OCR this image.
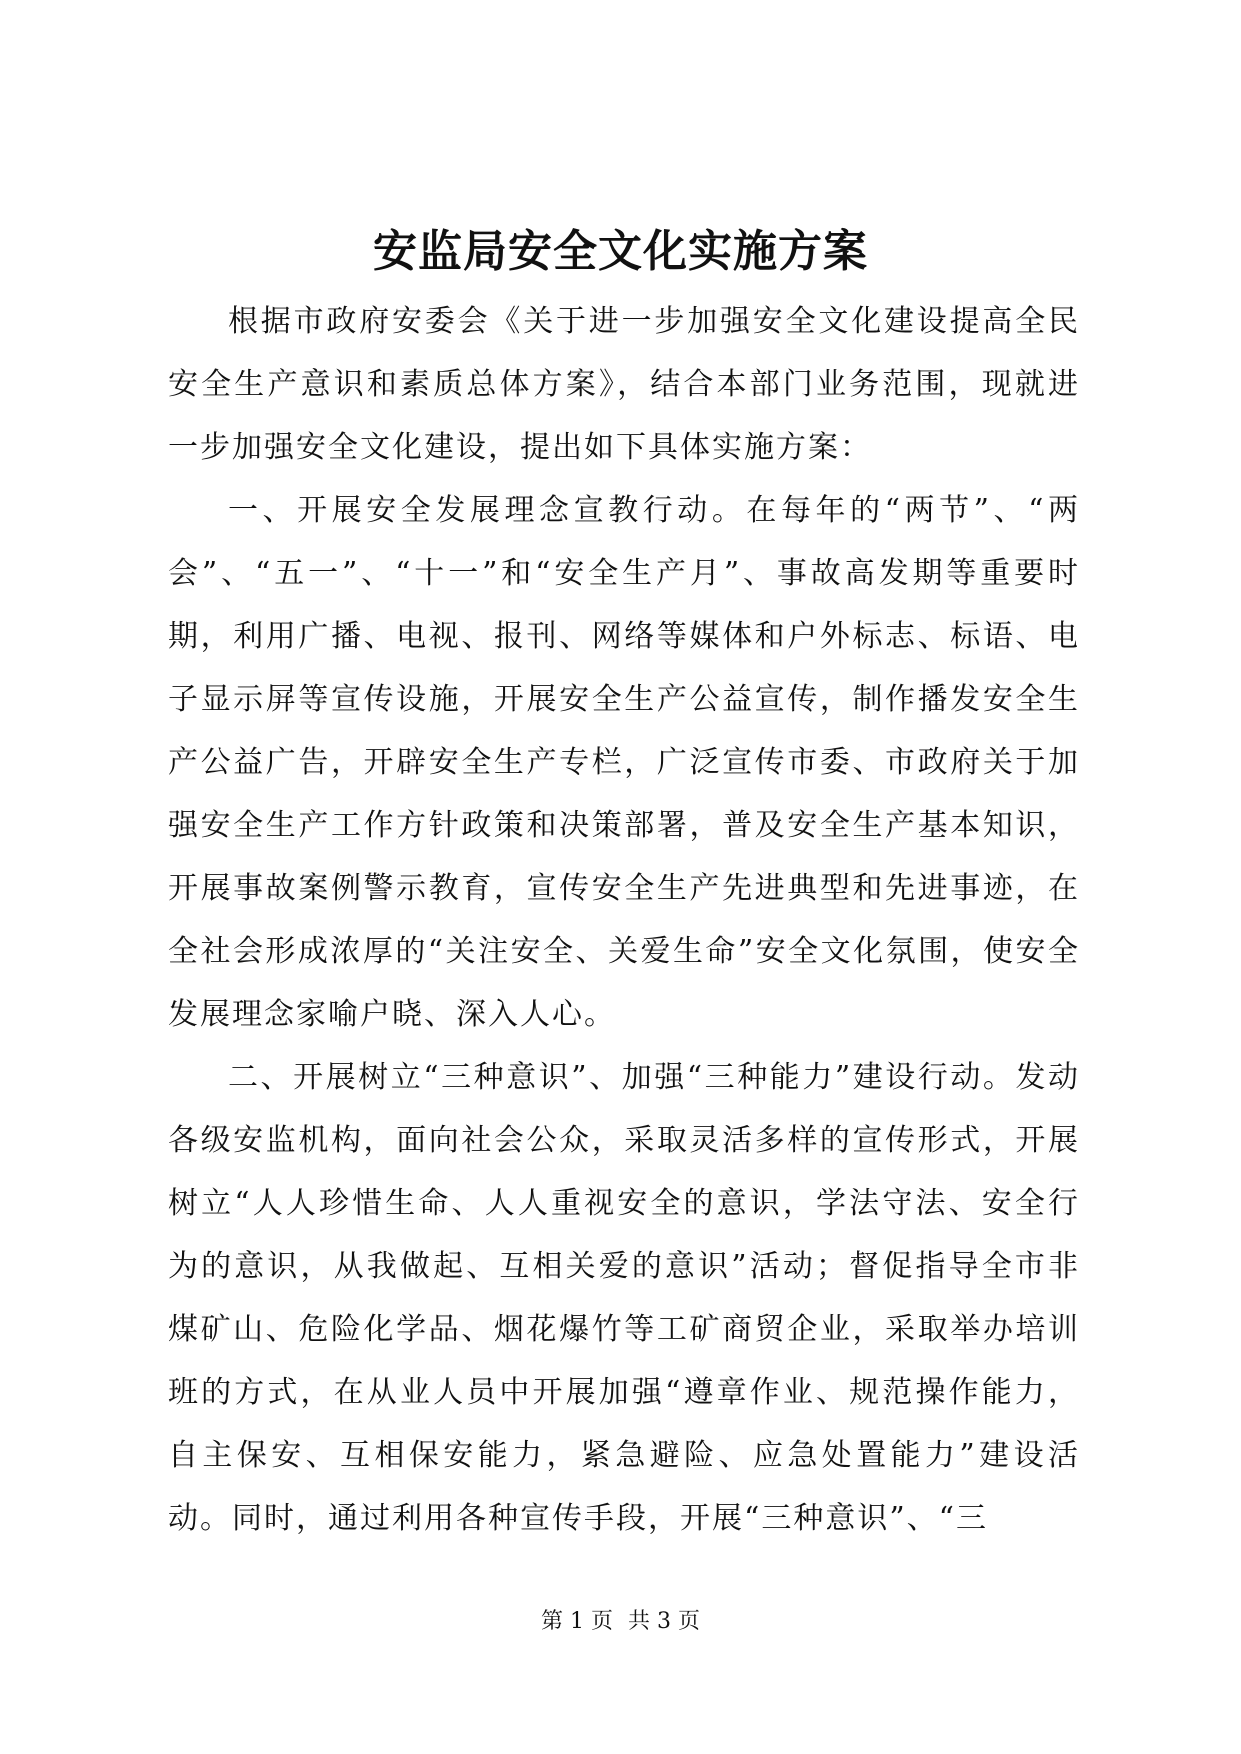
安监局安全文化实施方案

根据市政府安委会《关于进一步加强安全文化建设提高全民安全生产意识和素质总体方案》，结合本部门业务范围，现就进一步加强安全文化建设，提出如下具体实施方案：

一、开展安全发展理念宣教行动。在每年的“两节”、“两会”、“五一”、“十一”和“安全生产月”、事故高发期等重要时期，利用广播、电视、报刊、网络等媒体和户外标志、标语、电子显示屏等宣传设施，开展安全生产公益宣传，制作播发安全生产公益广告，开辟安全生产专栏，广泛宣传市委、市政府关于加强安全生产工作方针政策和决策部署，普及安全生产基本知识，开展事故案例警示教育，宣传安全生产先进典型和先进事迹，在全社会形成浓厚的“关注安全、关爱生命”安全文化氛围，使安全发展理念家喻户晓、深入人心。

二、开展树立“三种意识”、加强“三种能力”建设行动。发动各级安监机构，面向社会公众，采取灵活多样的宣传形式，开展树立“人人珍惜生命、人人重视安全的意识，学法守法、安全行为的意识，从我做起、互相关爱的意识”活动；督促指导全市非煤矿山、危险化学品、烟花爆竹等工矿商贸企业，采取举办培训班的方式，在从业人员中开展加强“遵章作业、规范操作能力，自主保安、互相保安能力，紧急避险、应急处置能力”建设活动。同时，通过利用各种宣传手段，开展“三种意识”、“三

第 1 页 共 3 页
